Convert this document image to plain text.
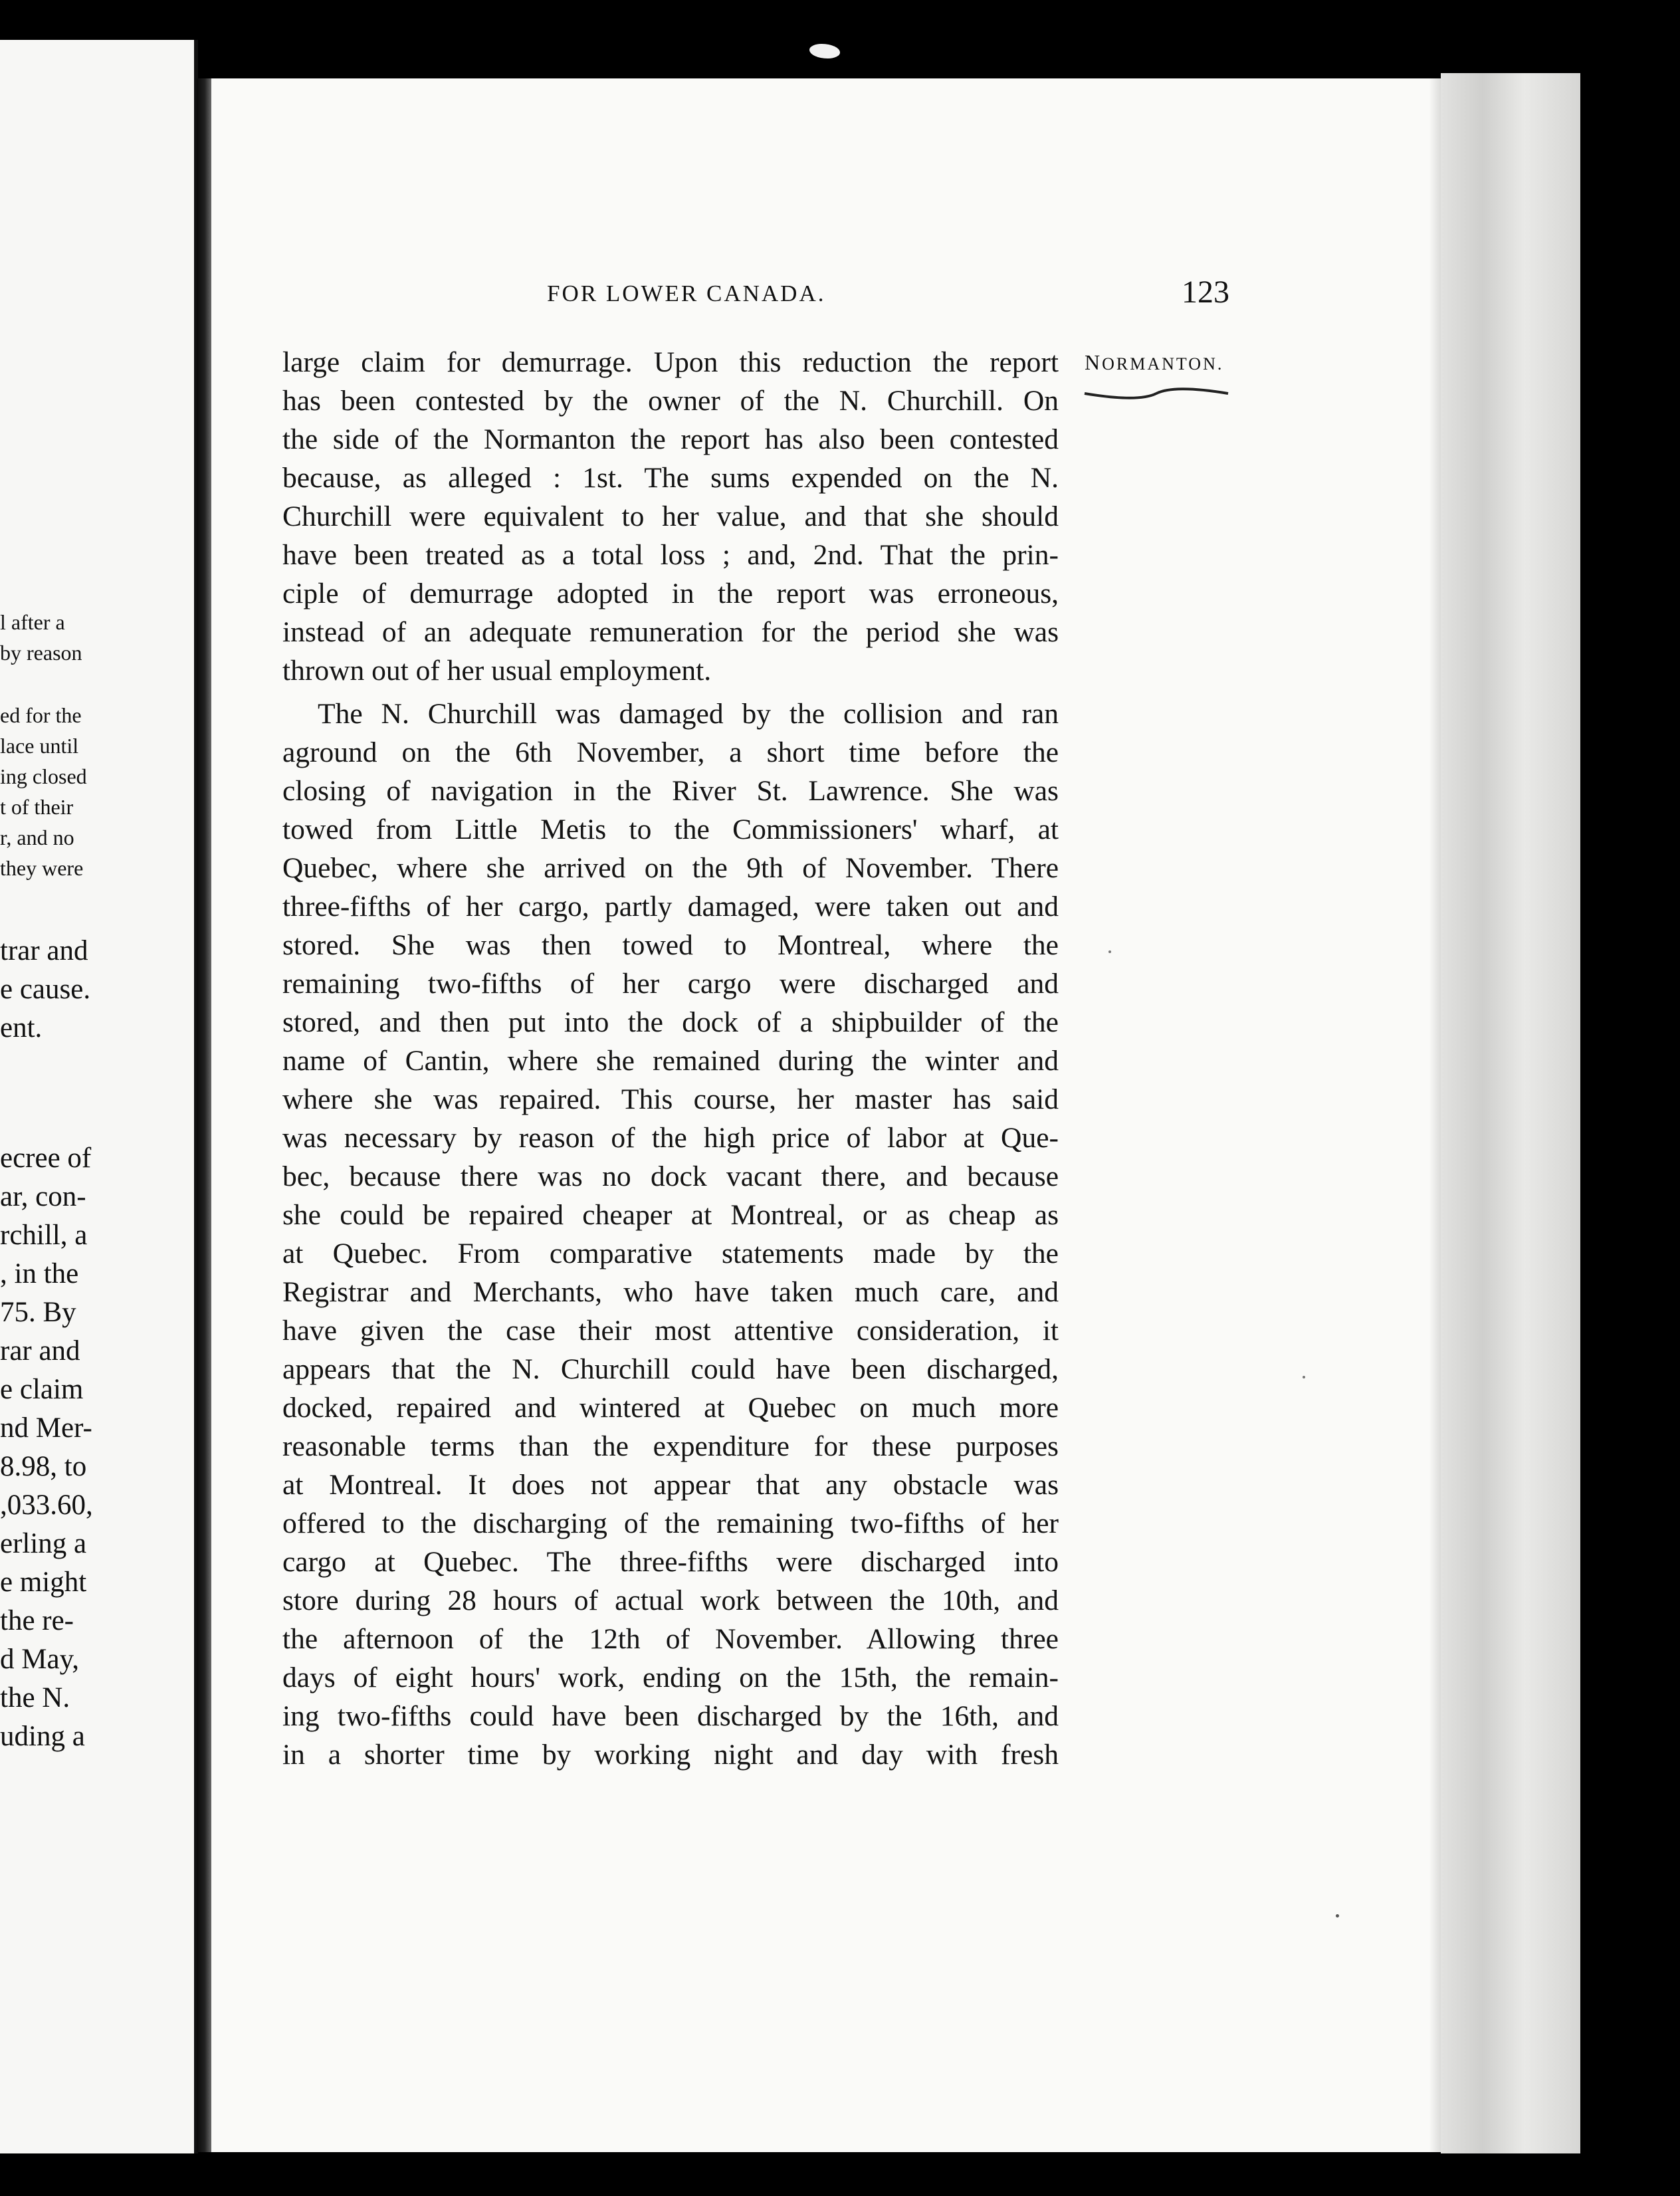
l after a
by reason
ed for the
lace until
ing closed
t of their
r, and no
they were
trar and
e cause.
ent.
ecree of
ar, con-
rchill, a
, in the
75. By
rar and
e claim
nd Mer-
8.98, to
,033.60,
erling a
e might
the re-
d May,
the N.
uding a
FOR LOWER CANADA.	123
NORMANTON.
large claim for demurrage. Upon this reduction the report
has been contested by the owner of the N. Churchill. On
the side of the Normanton the report has also been contested
because, as alleged : 1st. The sums expended on the N.
Churchill were equivalent to her value, and that she should
have been treated as a total loss ; and, 2nd. That the prin-
ciple of demurrage adopted in the report was erroneous,
instead of an adequate remuneration for the period she was
thrown out of her usual employment.
The N. Churchill was damaged by the collision and ran
aground on the 6th November, a short time before the
closing of navigation in the River St. Lawrence. She was
towed from Little Metis to the Commissioners' wharf, at
Quebec, where she arrived on the 9th of November. There
three-fifths of her cargo, partly damaged, were taken out and
stored. She was then towed to Montreal, where the
remaining two-fifths of her cargo were discharged and
stored, and then put into the dock of a shipbuilder of the
name of Cantin, where she remained during the winter and
where she was repaired. This course, her master has said
was necessary by reason of the high price of labor at Que-
bec, because there was no dock vacant there, and because
she could be repaired cheaper at Montreal, or as cheap as
at Quebec. From comparative statements made by the
Registrar and Merchants, who have taken much care, and
have given the case their most attentive consideration, it
appears that the N. Churchill could have been discharged,
docked, repaired and wintered at Quebec on much more
reasonable terms than the expenditure for these purposes
at Montreal. It does not appear that any obstacle was
offered to the discharging of the remaining two-fifths of her
cargo at Quebec. The three-fifths were discharged into
store during 28 hours of actual work between the 10th, and
the afternoon of the 12th of November. Allowing three
days of eight hours' work, ending on the 15th, the remain-
ing two-fifths could have been discharged by the 16th, and
in a shorter time by working night and day with fresh
